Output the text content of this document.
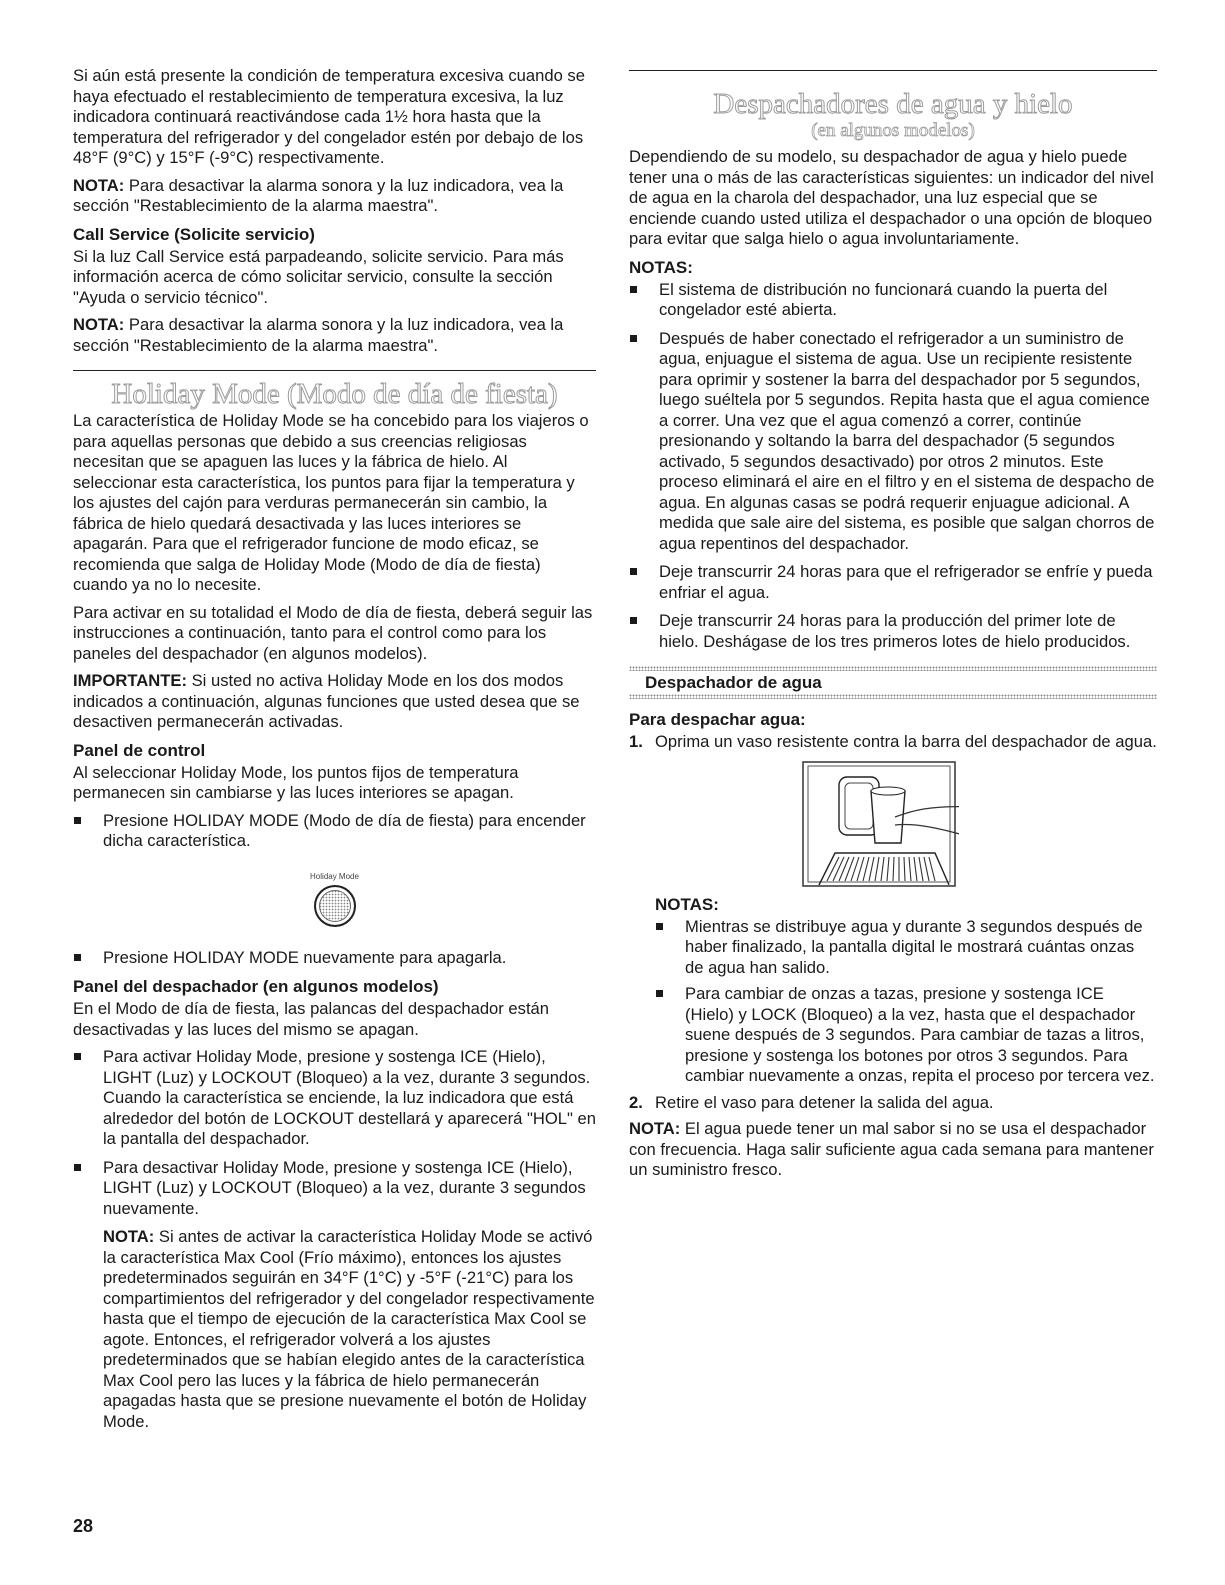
Si aún está presente la condición de temperatura excesiva cuando se haya efectuado el restablecimiento de temperatura excesiva, la luz indicadora continuará reactivándose cada 1½ hora hasta que la temperatura del refrigerador y del congelador estén por debajo de los 48°F (9°C) y 15°F (-9°C) respectivamente.

NOTA: Para desactivar la alarma sonora y la luz indicadora, vea la sección "Restablecimiento de la alarma maestra".

Call Service (Solicite servicio)

Si la luz Call Service está parpadeando, solicite servicio. Para más información acerca de cómo solicitar servicio, consulte la sección "Ayuda o servicio técnico".

NOTA: Para desactivar la alarma sonora y la luz indicadora, vea la sección "Restablecimiento de la alarma maestra".

Holiday Mode (Modo de día de fiesta)

La característica de Holiday Mode se ha concebido para los viajeros o para aquellas personas que debido a sus creencias religiosas necesitan que se apaguen las luces y la fábrica de hielo. Al seleccionar esta característica, los puntos para fijar la temperatura y los ajustes del cajón para verduras permanecerán sin cambio, la fábrica de hielo quedará desactivada y las luces interiores se apagarán. Para que el refrigerador funcione de modo eficaz, se recomienda que salga de Holiday Mode (Modo de día de fiesta) cuando ya no lo necesite.

Para activar en su totalidad el Modo de día de fiesta, deberá seguir las instrucciones a continuación, tanto para el control como para los paneles del despachador (en algunos modelos).

IMPORTANTE: Si usted no activa Holiday Mode en los dos modos indicados a continuación, algunas funciones que usted desea que se desactiven permanecerán activadas.

Panel de control

Al seleccionar Holiday Mode, los puntos fijos de temperatura permanecen sin cambiarse y las luces interiores se apagan.

Presione HOLIDAY MODE (Modo de día de fiesta) para encender dicha característica.
Holiday Mode
Presione HOLIDAY MODE nuevamente para apagarla.
Panel del despachador (en algunos modelos)

En el Modo de día de fiesta, las palancas del despachador están desactivadas y las luces del mismo se apagan.

Para activar Holiday Mode, presione y sostenga ICE (Hielo), LIGHT (Luz) y LOCKOUT (Bloqueo) a la vez, durante 3 segundos. Cuando la característica se enciende, la luz indicadora que está alrededor del botón de LOCKOUT destellará y aparecerá "HOL" en la pantalla del despachador.
Para desactivar Holiday Mode, presione y sostenga ICE (Hielo), LIGHT (Luz) y LOCKOUT (Bloqueo) a la vez, durante 3 segundos nuevamente.

NOTA: Si antes de activar la característica Holiday Mode se activó la característica Max Cool (Frío máximo), entonces los ajustes predeterminados seguirán en 34°F (1°C) y -5°F (-21°C) para los compartimientos del refrigerador y del congelador respectivamente hasta que el tiempo de ejecución de la característica Max Cool se agote. Entonces, el refrigerador volverá a los ajustes predeterminados que se habían elegido antes de la característica Max Cool pero las luces y la fábrica de hielo permanecerán apagadas hasta que se presione nuevamente el botón de Holiday Mode.

Despachadores de agua y hielo
(en algunos modelos)

Dependiendo de su modelo, su despachador de agua y hielo puede tener una o más de las características siguientes: un indicador del nivel de agua en la charola del despachador, una luz especial que se enciende cuando usted utiliza el despachador o una opción de bloqueo para evitar que salga hielo o agua involuntariamente.

NOTAS:
El sistema de distribución no funcionará cuando la puerta del congelador esté abierta.
Después de haber conectado el refrigerador a un suministro de agua, enjuague el sistema de agua. Use un recipiente resistente para oprimir y sostener la barra del despachador por 5 segundos, luego suéltela por 5 segundos. Repita hasta que el agua comience a correr. Una vez que el agua comenzó a correr, continúe presionando y soltando la barra del despachador (5 segundos activado, 5 segundos desactivado) por otros 2 minutos. Este proceso eliminará el aire en el filtro y en el sistema de despacho de agua. En algunas casas se podrá requerir enjuague adicional. A medida que sale aire del sistema, es posible que salgan chorros de agua repentinos del despachador.
Deje transcurrir 24 horas para que el refrigerador se enfríe y pueda enfriar el agua.
Deje transcurrir 24 horas para la producción del primer lote de hielo. Deshágase de los tres primeros lotes de hielo producidos.
Despachador de agua
Para despachar agua:
1. Oprima un vaso resistente contra la barra del despachador de agua.
NOTAS:
Mientras se distribuye agua y durante 3 segundos después de haber finalizado, la pantalla digital le mostrará cuántas onzas de agua han salido.
Para cambiar de onzas a tazas, presione y sostenga ICE (Hielo) y LOCK (Bloqueo) a la vez, hasta que el despachador suene después de 3 segundos. Para cambiar de tazas a litros, presione y sostenga los botones por otros 3 segundos. Para cambiar nuevamente a onzas, repita el proceso por tercera vez.
2. Retire el vaso para detener la salida del agua.

NOTA: El agua puede tener un mal sabor si no se usa el despachador con frecuencia. Haga salir suficiente agua cada semana para mantener un suministro fresco.

28
